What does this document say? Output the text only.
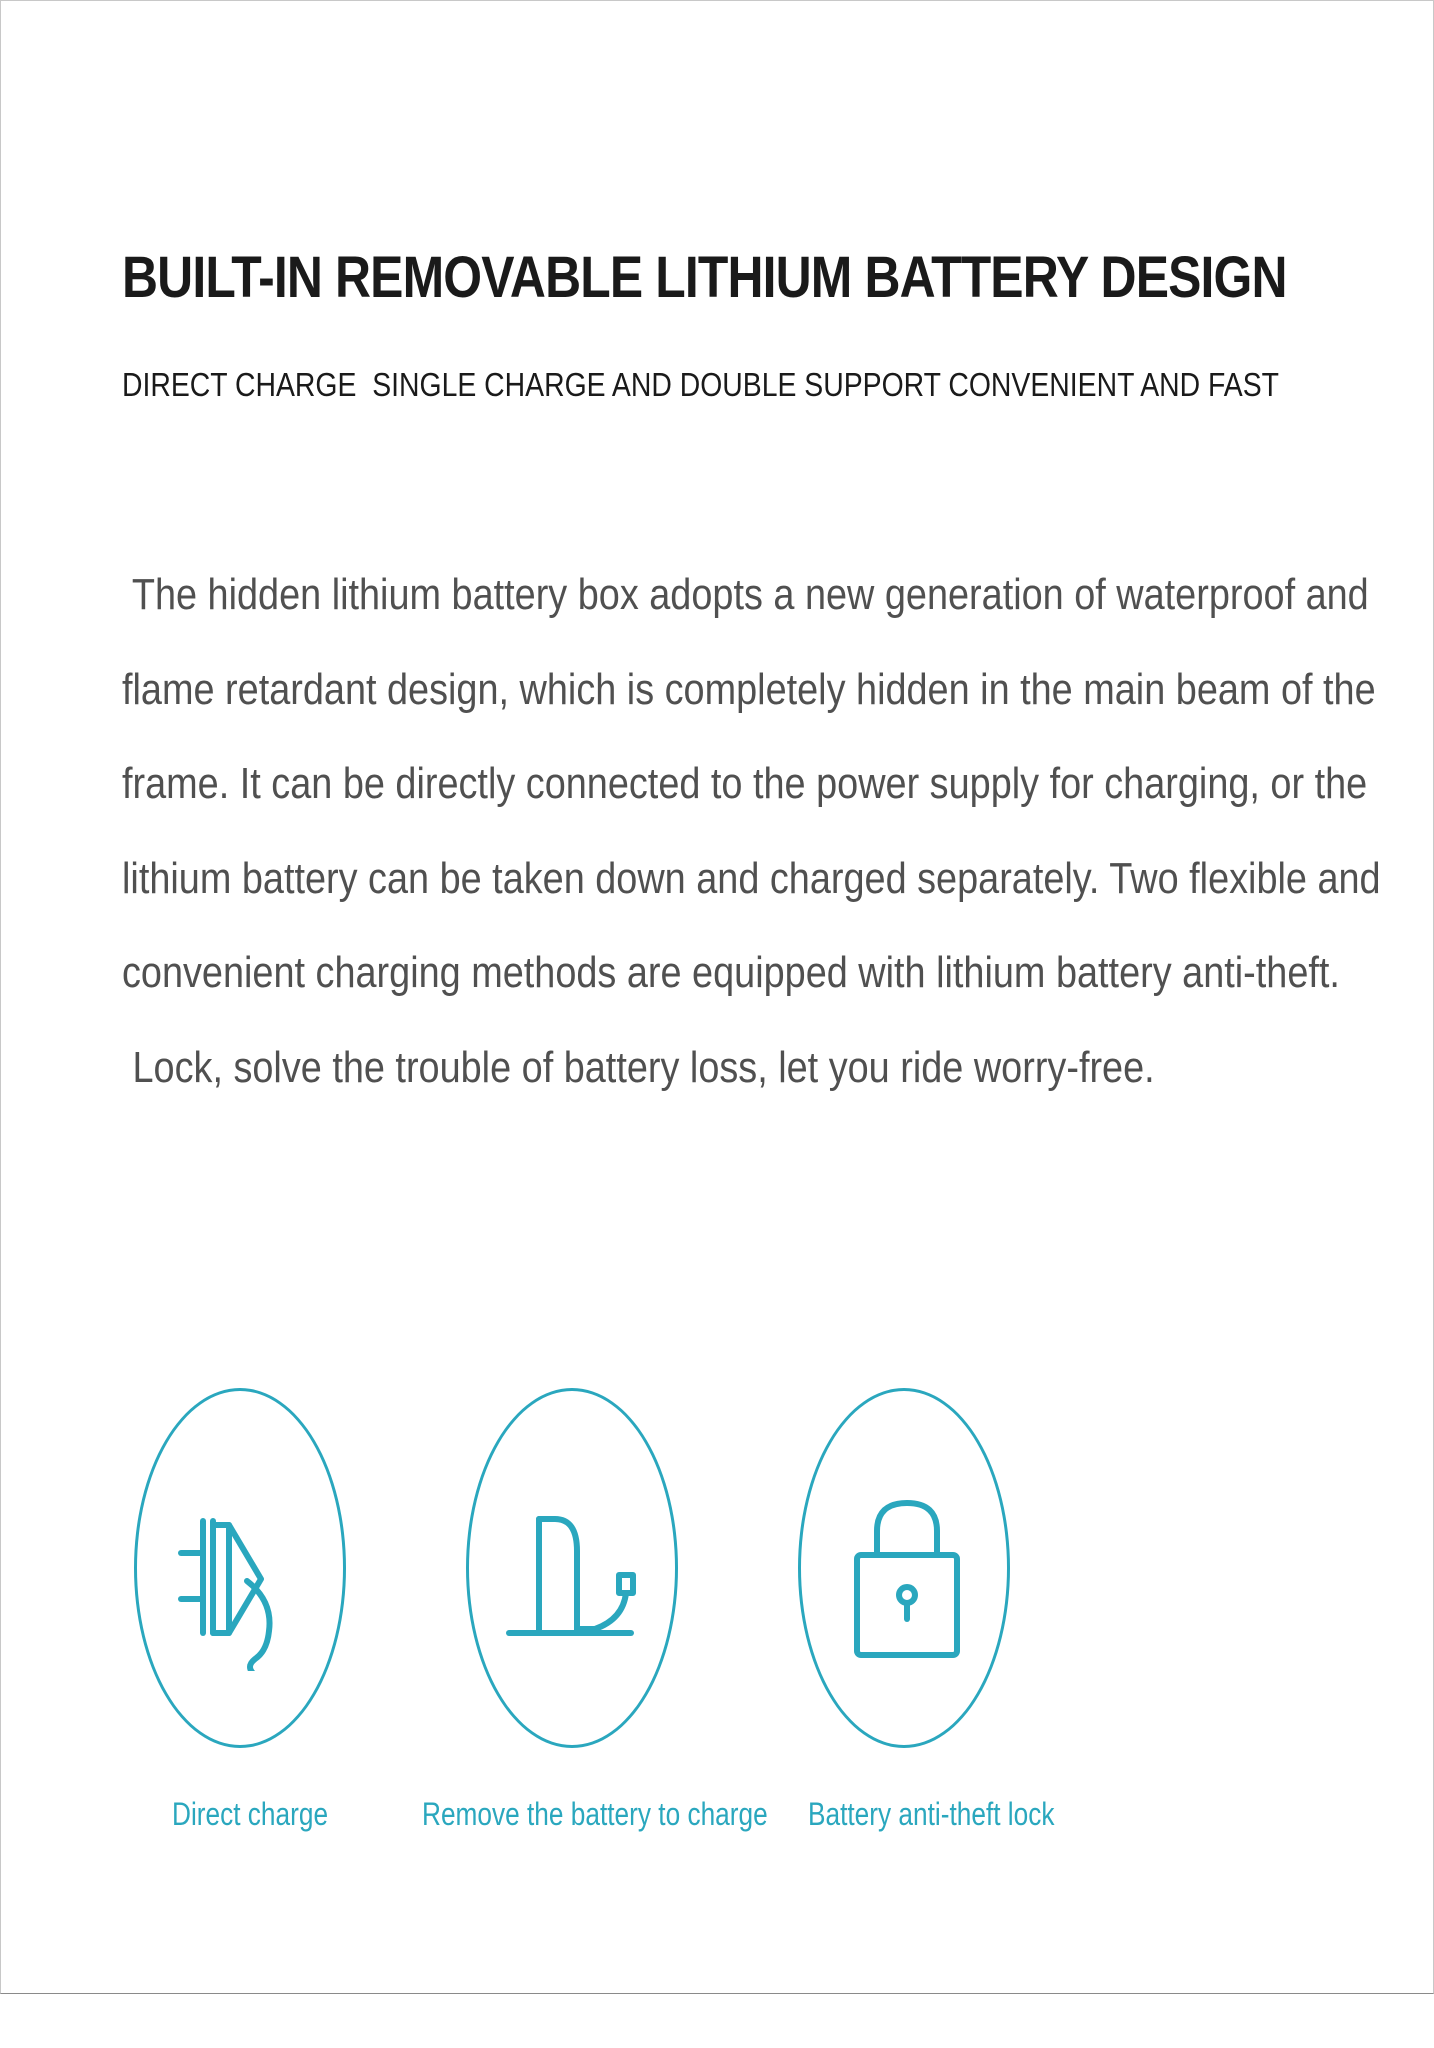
BUILT-IN REMOVABLE LITHIUM BATTERY DESIGN

DIRECT CHARGE  SINGLE CHARGE AND DOUBLE SUPPORT CONVENIENT AND FAST

The hidden lithium battery box adopts a new generation of waterproof and
flame retardant design, which is completely hidden in the main beam of the
frame. It can be directly connected to the power supply for charging, or the
lithium battery can be taken down and charged separately. Two flexible and
convenient charging methods are equipped with lithium battery anti-theft.
Lock, solve the trouble of battery loss, let you ride worry-free.
Direct charge	Remove the battery to charge Battery anti-theft lock
